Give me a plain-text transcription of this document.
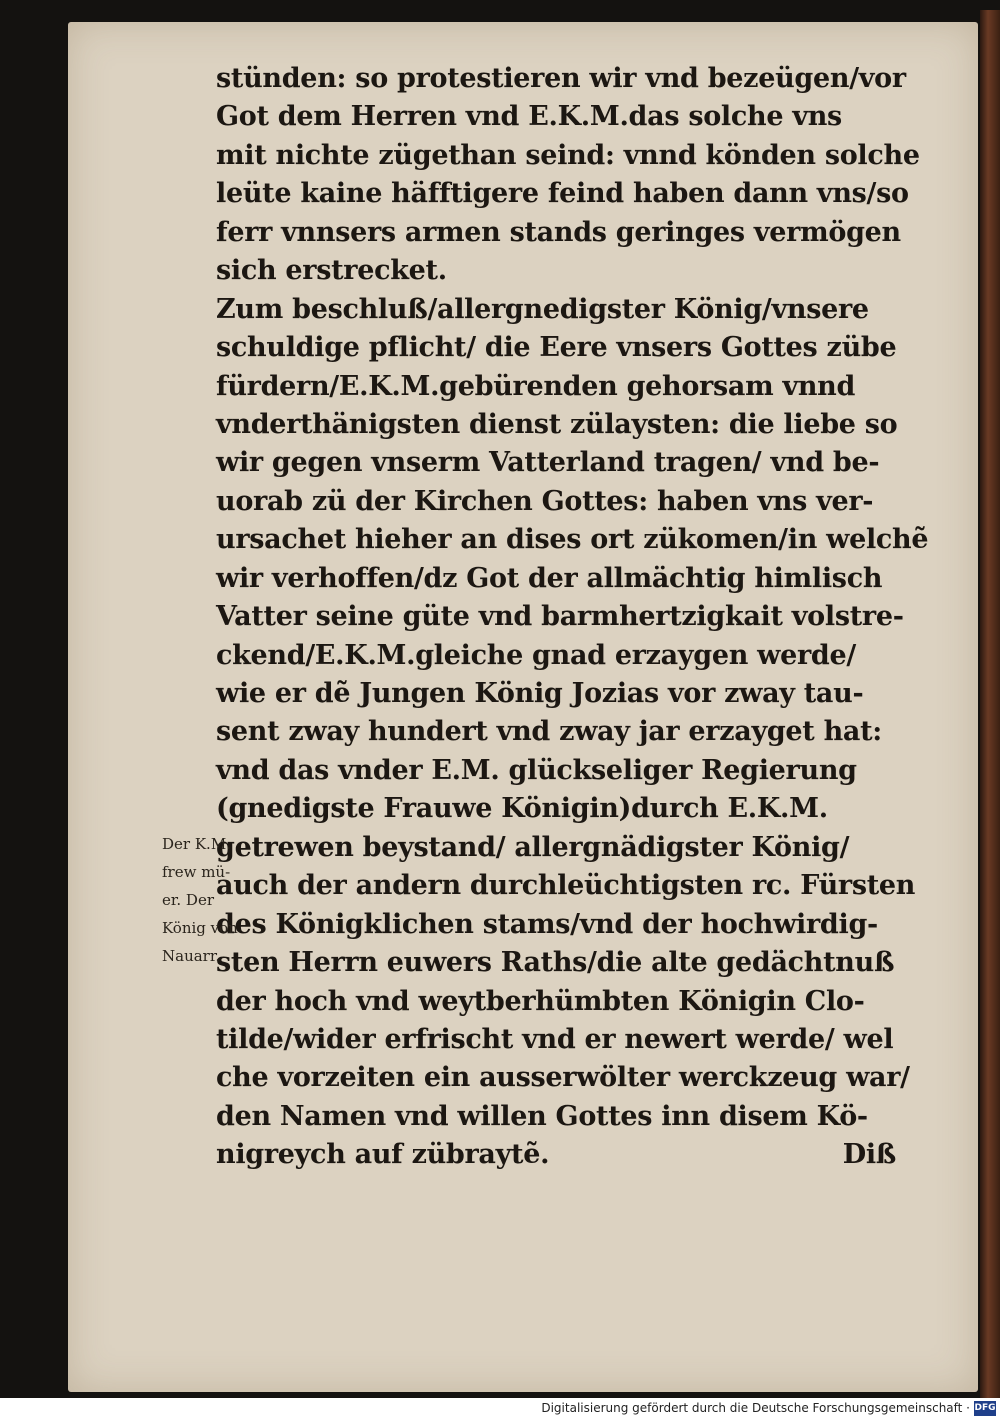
stünden: so protestieren wir vnd bezeügen/vor
Got dem Herren vnd E.K.M.das solche vns
mit nichte zügethan seind: vnnd könden solche
leüte kaine häfftigere feind haben dann vns/so
ferr vnnsers armen stands geringes vermögen
sich erstrecket.
Zum beschluß/allergnedigster König/vnsere
schuldige pflicht/ die Eere vnsers Gottes zübe
fürdern/E.K.M.gebürenden gehorsam vnnd
vnderthänigsten dienst zülaysten: die liebe so
wir gegen vnserm Vatterland tragen/ vnd be-
uorab zü der Kirchen Gottes: haben vns ver-
ursachet hieher an dises ort zükomen/in welchẽ
wir verhoffen/dz Got der allmächtig himlisch
Vatter seine güte vnd barmhertzigkait volstre-
ckend/E.K.M.gleiche gnad erzaygen werde/
wie er dẽ Jungen König Jozias vor zway tau-
sent zway hundert vnd zway jar erzayget hat:
vnd das vnder E.M. glückseliger Regierung
(gnedigste Frauwe Königin)durch E.K.M.
getrewen beystand/ allergnädigster König/
auch der andern durchleüchtigsten rc. Fürsten
des Königklichen stams/vnd der hochwirdig-
sten Herrn euwers Raths/die alte gedächtnuß
der hoch vnd weytberhümbten Königin Clo-
tilde/wider erfrischt vnd er newert werde/ wel
che vorzeiten ein ausserwölter werckzeug war/
den Namen vnd willen Gottes inn disem Kö-
nigreych auf zübraytẽ.	Diß
Der K.M.
frew mü-
er. Der
König von
Nauarr.
Digitalisierung gefördert durch die Deutsche Forschungsgemeinschaft · DFG
